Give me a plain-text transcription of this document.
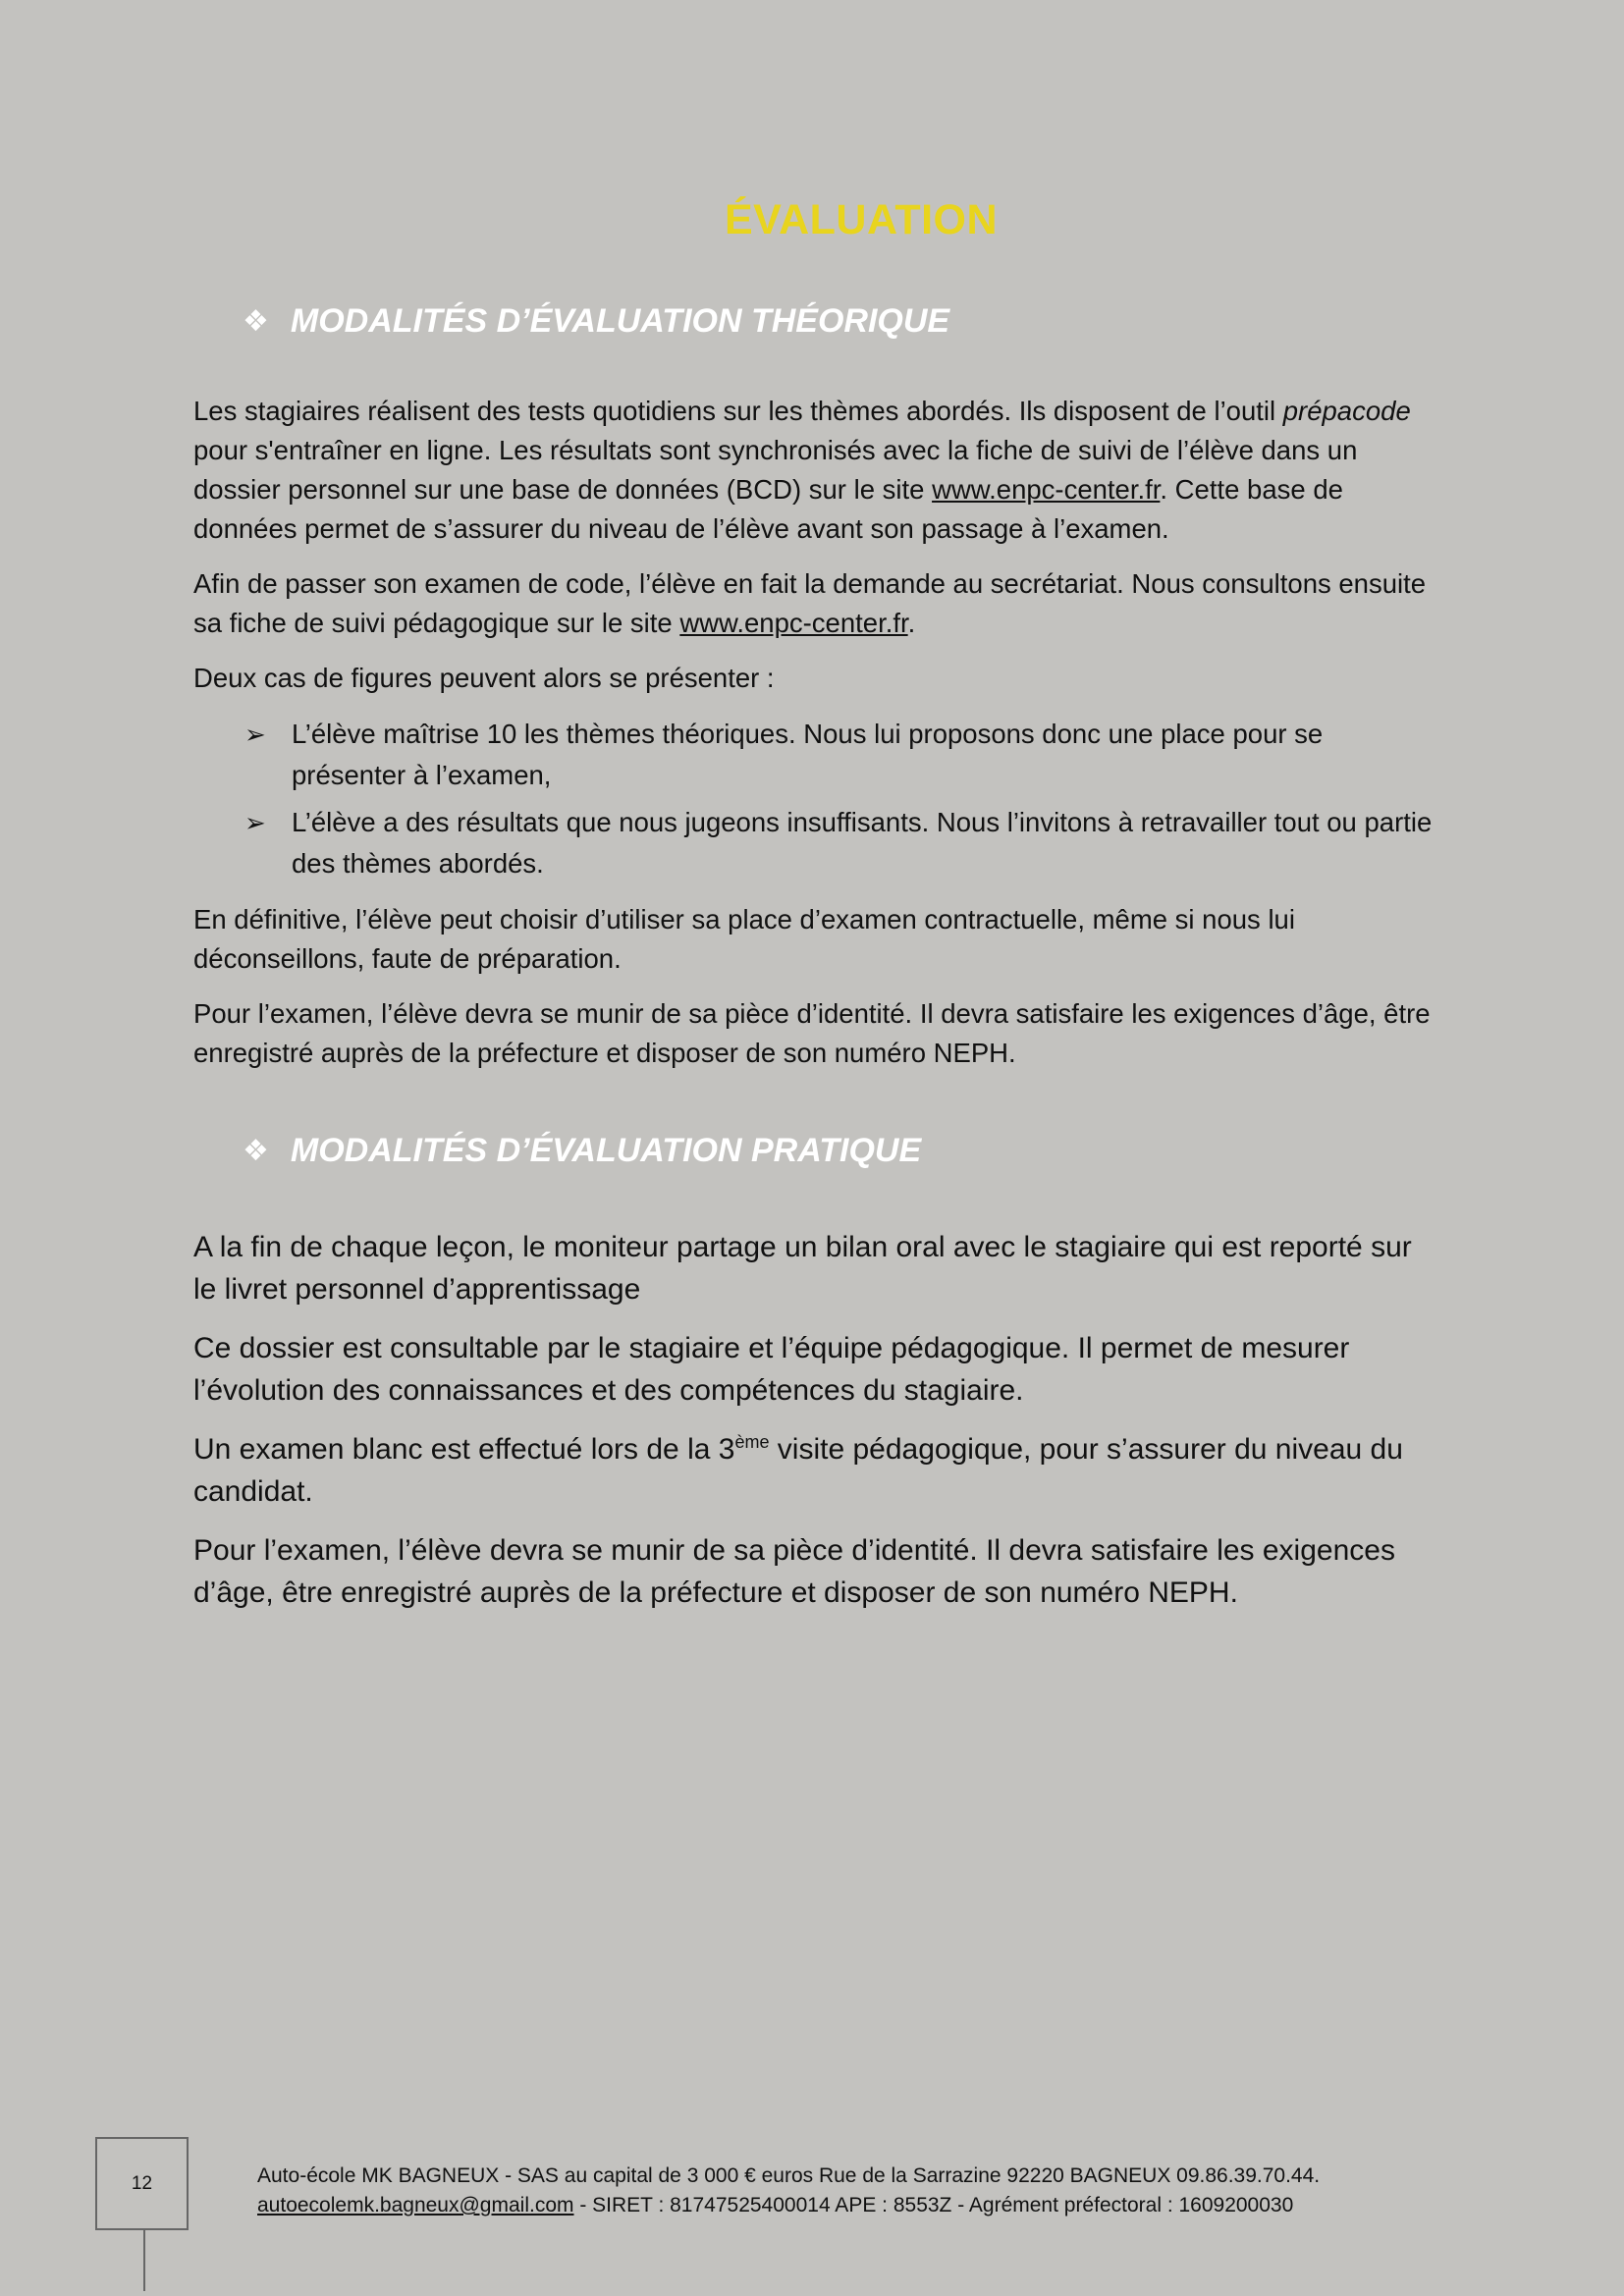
ÉVALUATION
❖ MODALITÉS D’ÉVALUATION THÉORIQUE

Les stagiaires réalisent des tests quotidiens sur les thèmes abordés. Ils disposent de l’outil prépacode pour s'entraîner en ligne. Les résultats sont synchronisés avec la fiche de suivi de l’élève dans un dossier personnel sur une base de données (BCD) sur le site www.enpc-center.fr. Cette base de données permet de s’assurer du niveau de l’élève avant son passage à l’examen.

Afin de passer son examen de code, l’élève en fait la demande au secrétariat. Nous consultons ensuite sa fiche de suivi pédagogique sur le site www.enpc-center.fr.

Deux cas de figures peuvent alors se présenter :

➢ L’élève maîtrise 10 les thèmes théoriques. Nous lui proposons donc une place pour se présenter à l’examen,
➢ L’élève a des résultats que nous jugeons insuffisants. Nous l’invitons à retravailler tout ou partie des thèmes abordés.

En définitive, l’élève peut choisir d’utiliser sa place d’examen contractuelle, même si nous lui déconseillons, faute de préparation.

Pour l’examen, l’élève devra se munir de sa pièce d’identité. Il devra satisfaire les exigences d’âge, être enregistré auprès de la préfecture et disposer de son numéro NEPH.

❖ MODALITÉS D’ÉVALUATION PRATIQUE

A la fin de chaque leçon, le moniteur partage un bilan oral avec le stagiaire qui est reporté sur le livret personnel d’apprentissage

Ce dossier est consultable par le stagiaire et l’équipe pédagogique. Il permet de mesurer l’évolution des connaissances et des compétences du stagiaire.

Un examen blanc est effectué lors de la 3ème visite pédagogique, pour s’assurer du niveau du candidat.

Pour l’examen, l’élève devra se munir de sa pièce d’identité. Il devra satisfaire les exigences d’âge, être enregistré auprès de la préfecture et disposer de son numéro NEPH.

12	Auto-école MK BAGNEUX - SAS au capital de 3 000 € euros Rue de la Sarrazine 92220 BAGNEUX 09.86.39.70.44.
autoecolemk.bagneux@gmail.com - SIRET : 81747525400014 APE : 8553Z - Agrément préfectoral : 1609200030
